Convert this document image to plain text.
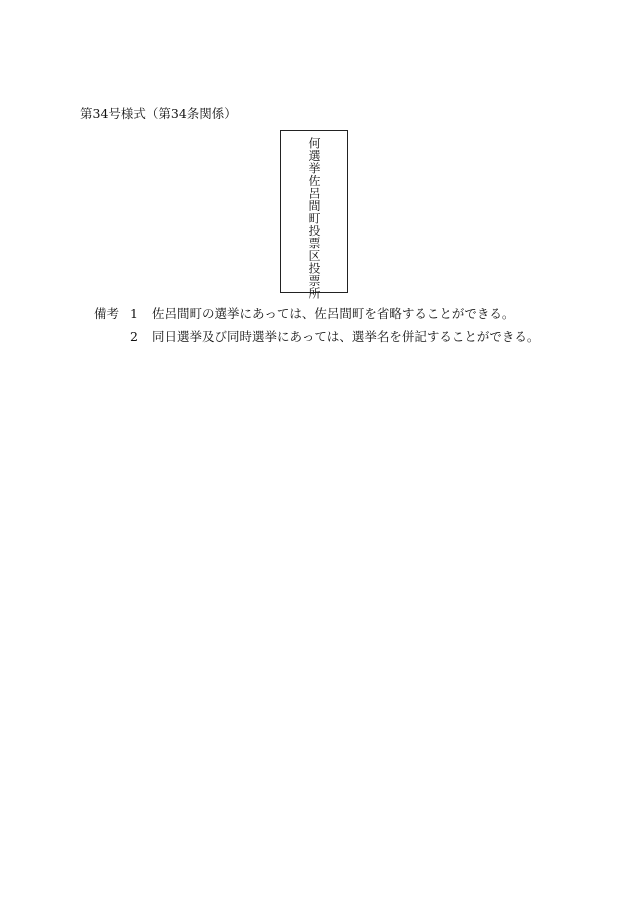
第34号様式（第34条関係）
何選挙佐呂間町投票区投票所
備考 1	佐呂間町の選挙にあっては、佐呂間町を省略することができる。
2	同日選挙及び同時選挙にあっては、選挙名を併記することができる。
